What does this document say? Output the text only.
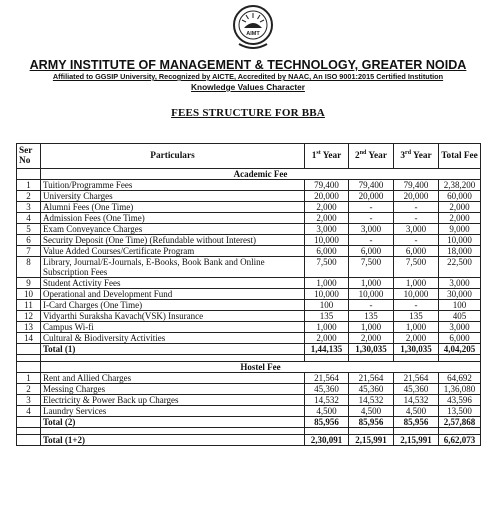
AIMT
ARMY INSTITUTE OF MANAGEMENT & TECHNOLOGY, GREATER NOIDA
Affiliated to GGSIP University, Recognized by AICTE, Accredited by NAAC, An ISO 9001:2015 Certified Institution
Knowledge Values Character
FEES STRUCTURE FOR BBA
Ser No	Particulars	1st Year	2nd Year	3rd Year	Total Fee
	Academic Fee				
1	Tuition/Programme Fees	79,400	79,400	79,400	2,38,200
2	University Charges	20,000	20,000	20,000	60,000
3	Alumni Fees (One Time)	2,000	-	-	2,000
4	Admission Fees (One Time)	2,000	-	-	2,000
5	Exam Conveyance Charges	3,000	3,000	3,000	9,000
6	Security Deposit (One Time) (Refundable without Interest)	10,000	-	-	10,000
7	Value Added Courses/Certificate Program	6,000	6,000	6,000	18,000
8	Library, Journal/E-Journals, E-Books, Book Bank and Online Subscription Fees	7,500	7,500	7,500	22,500
9	Student Activity Fees	1,000	1,000	1,000	3,000
10	Operational and Development Fund	10,000	10,000	10,000	30,000
11	I-Card Charges (One Time)	100	-	-	100
12	Vidyarthi Suraksha Kavach(VSK) Insurance	135	135	135	405
13	Campus Wi-fi	1,000	1,000	1,000	3,000
14	Cultural & Biodiversity Activities	2,000	2,000	2,000	6,000
	Total (1)	1,44,135	1,30,035	1,30,035	4,04,205

	Hostel Fee				
1	Rent and Allied Charges	21,564	21,564	21,564	64,692
2	Messing Charges	45,360	45,360	45,360	1,36,080
3	Electricity & Power Back up Charges	14,532	14,532	14,532	43,596
4	Laundry Services	4,500	4,500	4,500	13,500
	Total (2)	85,956	85,956	85,956	2,57,868

	Total (1+2)	2,30,091	2,15,991	2,15,991	6,62,073
